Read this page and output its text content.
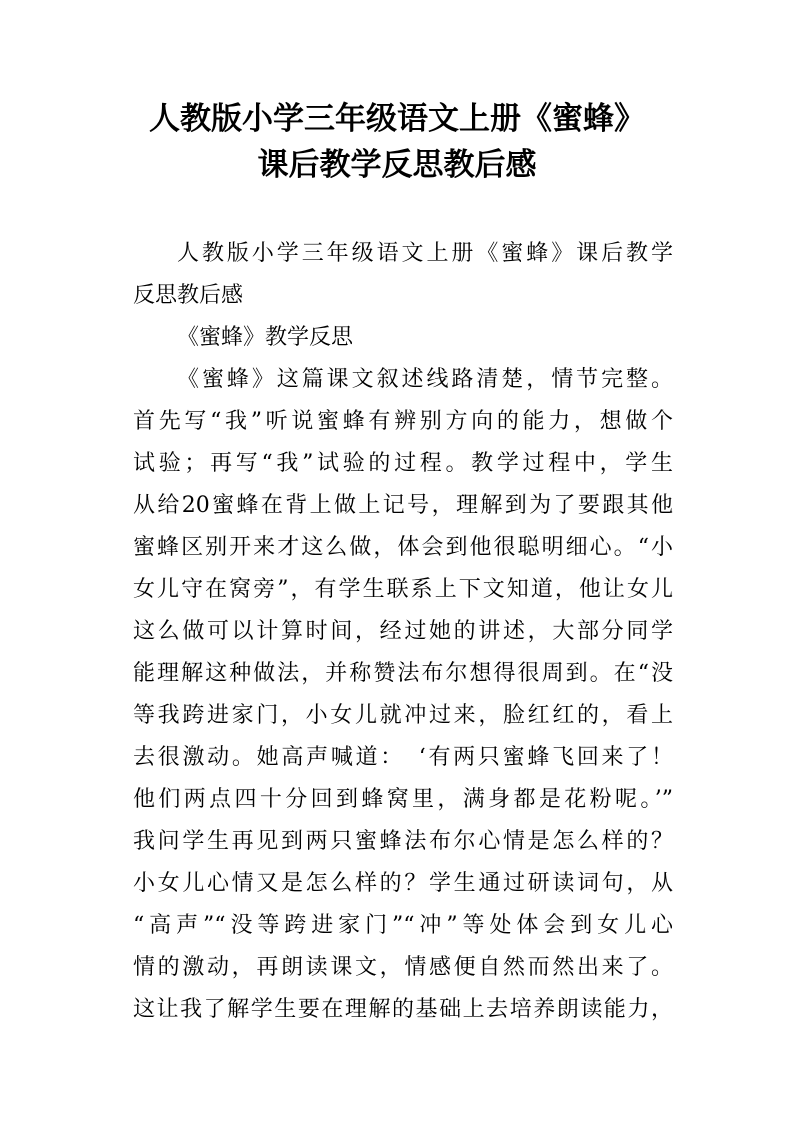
人教版小学三年级语文上册《蜜蜂》
课后教学反思教后感
人教版小学三年级语文上册《蜜蜂》课后教学
反思教后感
《蜜蜂》教学反思
《蜜蜂》这篇课文叙述线路清楚，情节完整。
首先写“我”听说蜜蜂有辨别方向的能力，想做个
试验；再写“我”试验的过程。教学过程中，学生
从给20蜜蜂在背上做上记号，理解到为了要跟其他
蜜蜂区别开来才这么做，体会到他很聪明细心。“小
女儿守在窝旁”，有学生联系上下文知道，他让女儿
这么做可以计算时间，经过她的讲述，大部分同学
能理解这种做法，并称赞法布尔想得很周到。在“没
等我跨进家门，小女儿就冲过来，脸红红的，看上
去很激动。她高声喊道：　‘有两只蜜蜂飞回来了！
他们两点四十分回到蜂窝里，满身都是花粉呢。’”
我问学生再见到两只蜜蜂法布尔心情是怎么样的？
小女儿心情又是怎么样的？学生通过研读词句，从
“高声”“没等跨进家门”“冲”等处体会到女儿心
情的激动，再朗读课文，情感便自然而然出来了。
这让我了解学生要在理解的基础上去培养朗读能力，
